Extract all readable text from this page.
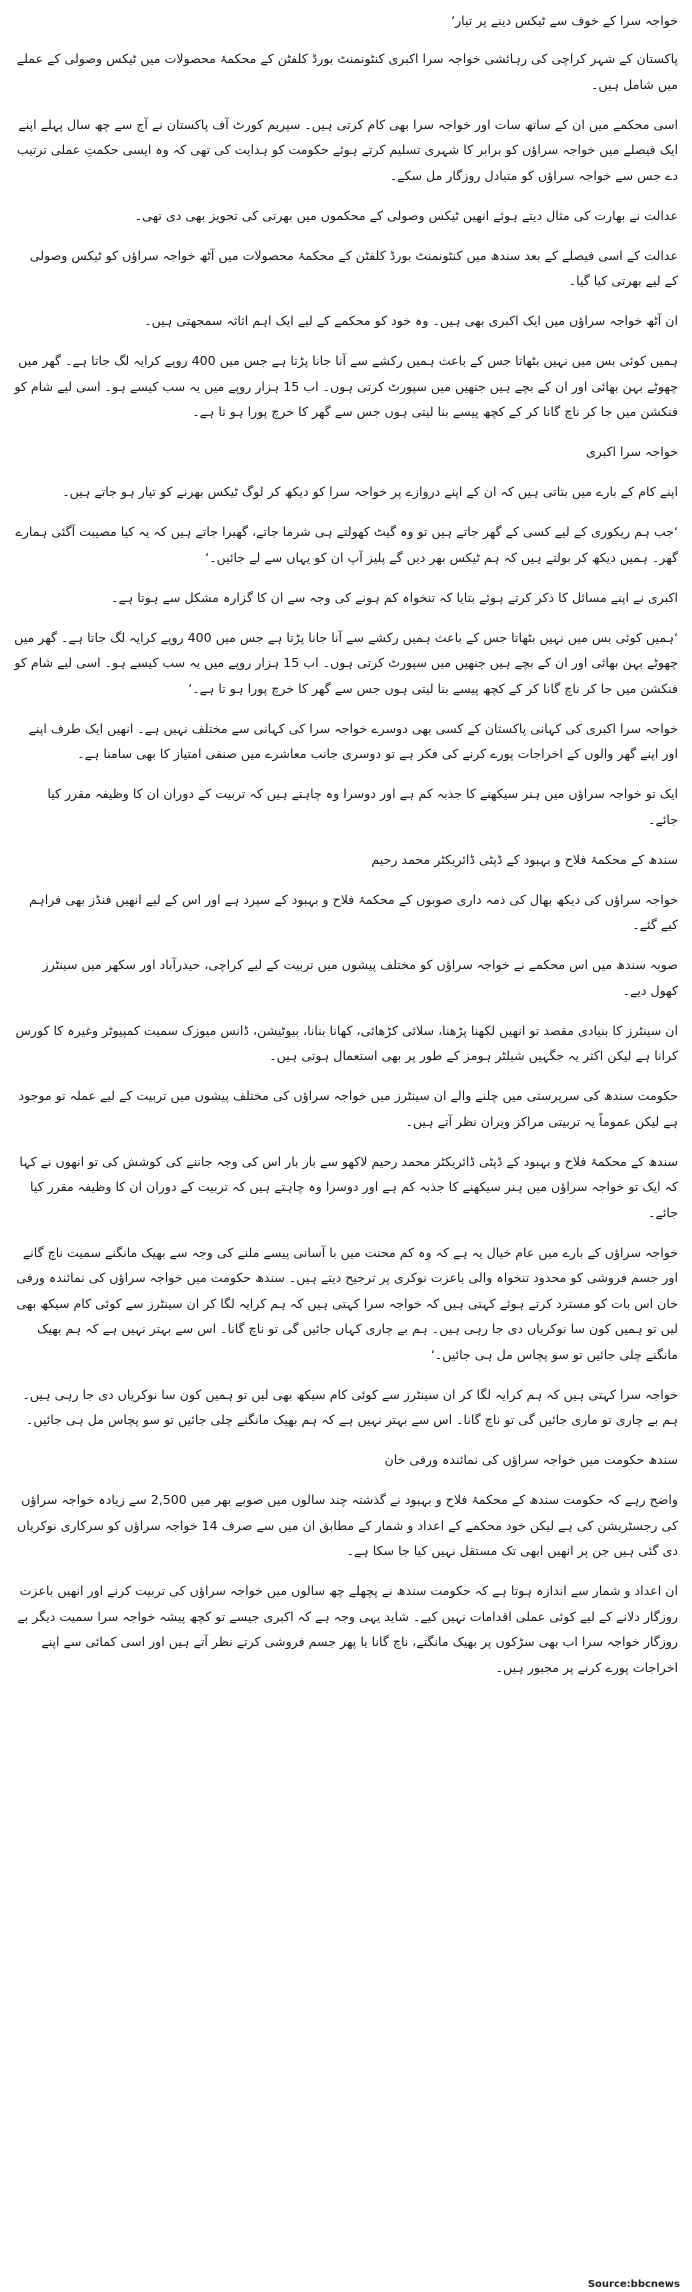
خواجہ سرا کے خوف سے ٹیکس دینے پر تیار‘

پاکستان کے شہر کراچی کی رہائشی خواجہ سرا اکبری کنٹونمنٹ بورڈ کلفٹن کے محکمۂ محصولات میں ٹیکس وصولی کے عملے میں شامل ہیں۔

اسی محکمے میں ان کے ساتھ سات اور خواجہ سرا بھی کام کرتی ہیں۔ سپریم کورٹ آف پاکستان نے آج سے چھ سال پہلے اپنے ایک فیصلے میں خواجہ سراؤں کو برابر کا شہری تسلیم کرتے ہوئے حکومت کو ہدایت کی تھی کہ وہ ایسی حکمتِ عملی ترتیب دے جس سے خواجہ سراؤں کو متبادل روزگار مل سکے۔

عدالت نے بھارت کی مثال دیتے ہوئے انھیں ٹیکس وصولی کے محکموں میں بھرتی کی تجویز بھی دی تھی۔

عدالت کے اسی فیصلے کے بعد سندھ میں کنٹونمنٹ بورڈ کلفٹن کے محکمۂ محصولات میں آٹھ خواجہ سراؤں کو ٹیکس وصولی کے لیے بھرتی کیا گیا۔

ان آٹھ خواجہ سراؤں میں ایک اکبری بھی ہیں۔ وہ خود کو محکمے کے لیے ایک اہم اثاثہ سمجھتی ہیں۔

ہمیں کوئی بس میں نہیں بٹھاتا جس کے باعث ہمیں رکشے سے آنا جانا پڑتا ہے جس میں 400 روپے کرایہ لگ جاتا ہے۔ گھر میں چھوٹے بہن بھائی اور ان کے بچے ہیں جنھیں میں سپورٹ کرتی ہوں۔ اب 15 ہزار روپے میں یہ سب کیسے ہو۔ اسی لیے شام کو فنکشن میں جا کر ناچ گانا کر کے کچھ پیسے بنا لیتی ہوں جس سے گھر کا خرچ پورا ہو تا ہے۔

خواجہ سرا اکبری

اپنے کام کے بارے میں بتاتی ہیں کہ ان کے اپنے دروازے پر خواجہ سرا کو دیکھ کر لوگ ٹیکس بھرنے کو تیار ہو جاتے ہیں۔

‘جب ہم ریکوری کے لیے کسی کے گھر جاتے ہیں تو وہ گیٹ کھولتے ہی شرما جاتے، گھبرا جاتے ہیں کہ یہ کیا مصیبت آگئی ہمارے گھر۔ ہمیں دیکھ کر بولتے ہیں کہ ہم ٹیکس بھر دیں گے پلیز آپ ان کو یہاں سے لے جائیں۔‘

اکبری نے اپنے مسائل کا ذکر کرتے ہوئے بتایا کہ تنخواہ کم ہونے کی وجہ سے ان کا گزارہ مشکل سے ہوتا ہے۔

‘ہمیں کوئی بس میں نہیں بٹھاتا جس کے باعث ہمیں رکشے سے آنا جانا پڑتا ہے جس میں 400 روپے کرایہ لگ جاتا ہے۔ گھر میں چھوٹے بہن بھائی اور ان کے بچے ہیں جنھیں میں سپورٹ کرتی ہوں۔ اب 15 ہزار روپے میں یہ سب کیسے ہو۔ اسی لیے شام کو فنکشن میں جا کر ناچ گانا کر کے کچھ پیسے بنا لیتی ہوں جس سے گھر کا خرچ پورا ہو تا ہے۔‘

خواجہ سرا اکبری کی کہانی پاکستان کے کسی بھی دوسرے خواجہ سرا کی کہانی سے مختلف نہیں ہے۔ انھیں ایک طرف اپنے اور اپنے گھر والوں کے اخراجات پورے کرنے کی فکر ہے تو دوسری جانب معاشرے میں صنفی امتیاز کا بھی سامنا ہے۔

ایک تو خواجہ سراؤں میں ہنر سیکھنے کا جذبہ کم ہے اور دوسرا وہ چاہتے ہیں کہ تربیت کے دوران ان کا وظیفہ مقرر کیا جائے۔

سندھ کے محکمۂ فلاح و بہبود کے ڈپٹی ڈائریکٹر محمد رحیم

خواجہ سراؤں کی دیکھ بھال کی ذمہ داری صوبوں کے محکمۂ فلاح و بہبود کے سپرد ہے اور اس کے لیے انھیں فنڈز بھی فراہم کیے گئے۔

صوبہ سندھ میں اس محکمے نے خواجہ سراؤں کو مختلف پیشوں میں تربیت کے لیے کراچی، حیدرآباد اور سکھر میں سینٹرز کھول دیے۔

ان سینٹرز کا بنیادی مقصد تو انھیں لکھنا پڑھنا، سلائی کڑھائی، کھانا بنانا، بیوٹیشن، ڈانس میوزک سمیت کمپیوٹر وغیرہ کا کورس کرانا ہے لیکن اکثر یہ جگہیں شیلٹر ہومز کے طور پر بھی استعمال ہوتی ہیں۔

حکومت سندھ کی سرپرستی میں چلنے والے ان سینٹرز میں خواجہ سراؤں کی مختلف پیشوں میں تربیت کے لیے عملہ تو موجود ہے لیکن عموماً یہ تربیتی مراکز ویران نظر آتے ہیں۔

سندھ کے محکمۂ فلاح و بہبود کے ڈپٹی ڈائریکٹر محمد رحیم لاکھو سے بار بار اس کی وجہ جاننے کی کوشش کی تو انھوں نے کہا کہ ایک تو خواجہ سراؤں میں ہنر سیکھنے کا جذبہ کم ہے اور دوسرا وہ چاہتے ہیں کہ تربیت کے دوران ان کا وظیفہ مقرر کیا جائے۔

خواجہ سراؤں کے بارے میں عام خیال یہ ہے کہ وہ کم محنت میں با آسانی پیسے ملنے کی وجہ سے بھیک مانگنے سمیت ناچ گانے اور جسم فروشی کو محدود تنخواہ والی باعزت نوکری پر ترجیح دیتے ہیں۔ سندھ حکومت میں خواجہ سراؤں کی نمائندہ ورفی خان اس بات کو مسترد کرتے ہوئے کہتی ہیں کہ خواجہ سرا کہتی ہیں کہ ہم کرایہ لگا کر ان سینٹرز سے کوئی کام سیکھ بھی لیں تو ہمیں کون سا نوکریاں دی جا رہی ہیں۔ ہم بے چاری کہاں جائیں گی تو ناچ گانا۔ اس سے بہتر نہیں ہے کہ ہم بھیک مانگنے چلی جائیں تو سو پچاس مل ہی جائیں۔‘

خواجہ سرا کہتی ہیں کہ ہم کرایہ لگا کر ان سینٹرز سے کوئی کام سیکھ بھی لیں تو ہمیں کون سا نوکریاں دی جا رہی ہیں۔ ہم بے چاری تو ماری جائیں گی تو ناچ گانا۔ اس سے بہتر نہیں ہے کہ ہم بھیک مانگنے چلی جائیں تو سو پچاس مل ہی جائیں۔

سندھ حکومت میں خواجہ سراؤں کی نمائندہ ورفی خان

واضح رہے کہ حکومت سندھ کے محکمۂ فلاح و بہبود نے گذشتہ چند سالوں میں صوبے بھر میں 2,500 سے زیادہ خواجہ سراؤں کی رجسٹریشن کی ہے لیکن خود محکمے کے اعداد و شمار کے مطابق ان میں سے صرف 14 خواجہ سراؤں کو سرکاری نوکریاں دی گئی ہیں جن پر انھیں ابھی تک مستقل نہیں کیا جا سکا ہے۔

ان اعداد و شمار سے اندازہ ہوتا ہے کہ حکومت سندھ نے پچھلے چھ سالوں میں خواجہ سراؤں کی تربیت کرنے اور انھیں باعزت روزگار دلانے کے لیے کوئی عملی اقدامات نہیں کیے۔ شاید یہی وجہ ہے کہ اکبری جیسے تو کچھ پیشہ خواجہ سرا سمیت دیگر بے روزگار خواجہ سرا اب بھی سڑکوں پر بھیک مانگتے، ناچ گانا یا پھر جسم فروشی کرتے نظر آتے ہیں اور اسی کمائی سے اپنے اخراجات پورے کرنے پر مجبور ہیں۔

Source:bbcnews
